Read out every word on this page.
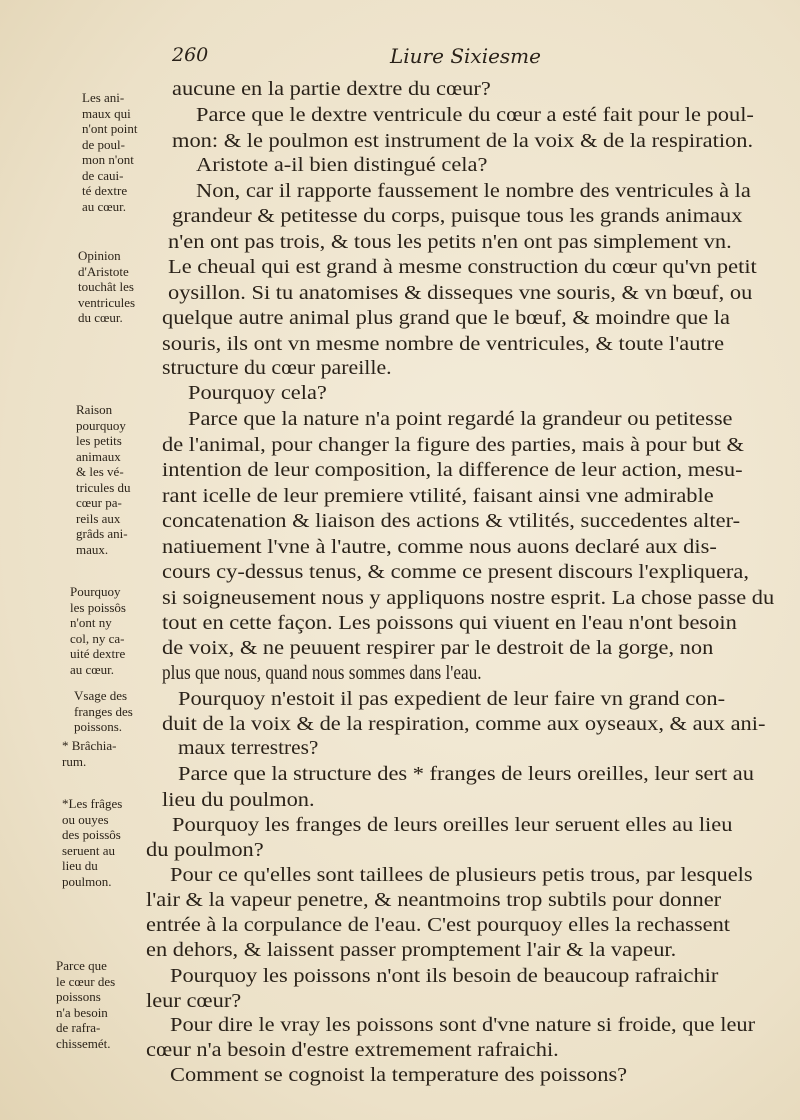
260	Liure Sixiesme
Les ani-
maux qui
n'ont point
de poul-
mon n'ont
de caui-
té dextre
au cœur.
Opinion
d'Aristote
touchât les
ventricules
du cœur.
Raison
pourquoy
les petits
animaux
& les vé-
tricules du
cœur pa-
reils aux
grâds ani-
maux.
Pourquoy
les poissôs
n'ont ny
col, ny ca-
uité dextre
au cœur.
Vsage des
franges des
poissons.
* Brâchia-
rum.
*Les frâges
ou ouyes
des poissôs
seruent au
lieu du
poulmon.
Parce que
le cœur des
poissons
n'a besoin
de rafra-
chissemét.
aucune en la partie dextre du cœur?
Parce que le dextre ventricule du cœur a esté fait pour le poul-
mon: & le poulmon est instrument de la voix & de la respiration.
Aristote a-il bien distingué cela?
Non, car il rapporte faussement le nombre des ventricules à la
grandeur & petitesse du corps, puisque tous les grands animaux
n'en ont pas trois, & tous les petits n'en ont pas simplement vn.
Le cheual qui est grand à mesme construction du cœur qu'vn petit
oysillon. Si tu anatomises & disseques vne souris, & vn bœuf, ou
quelque autre animal plus grand que le bœuf, & moindre que la
souris, ils ont vn mesme nombre de ventricules, & toute l'autre
structure du cœur pareille.
Pourquoy cela?
Parce que la nature n'a point regardé la grandeur ou petitesse
de l'animal, pour changer la figure des parties, mais à pour but &
intention de leur composition, la difference de leur action, mesu-
rant icelle de leur premiere vtilité, faisant ainsi vne admirable
concatenation & liaison des actions & vtilités, succedentes alter-
natiuement l'vne à l'autre, comme nous auons declaré aux dis-
cours cy-dessus tenus, & comme ce present discours l'expliquera,
si soigneusement nous y appliquons nostre esprit. La chose passe du
tout en cette façon. Les poissons qui viuent en l'eau n'ont besoin
de voix, & ne peuuent respirer par le destroit de la gorge, non
plus que nous, quand nous sommes dans l'eau.
Pourquoy n'estoit il pas expedient de leur faire vn grand con-
duit de la voix & de la respiration, comme aux oyseaux, & aux ani-
maux terrestres?
Parce que la structure des * franges de leurs oreilles, leur sert au
lieu du poulmon.
Pourquoy les franges de leurs oreilles leur seruent elles au lieu
du poulmon?
Pour ce qu'elles sont taillees de plusieurs petis trous, par lesquels
l'air & la vapeur penetre, & neantmoins trop subtils pour donner
entrée à la corpulance de l'eau. C'est pourquoy elles la rechassent
en dehors, & laissent passer promptement l'air & la vapeur.
Pourquoy les poissons n'ont ils besoin de beaucoup rafraichir
leur cœur?
Pour dire le vray les poissons sont d'vne nature si froide, que leur
cœur n'a besoin d'estre extremement rafraichi.
Comment se cognoist la temperature des poissons?
